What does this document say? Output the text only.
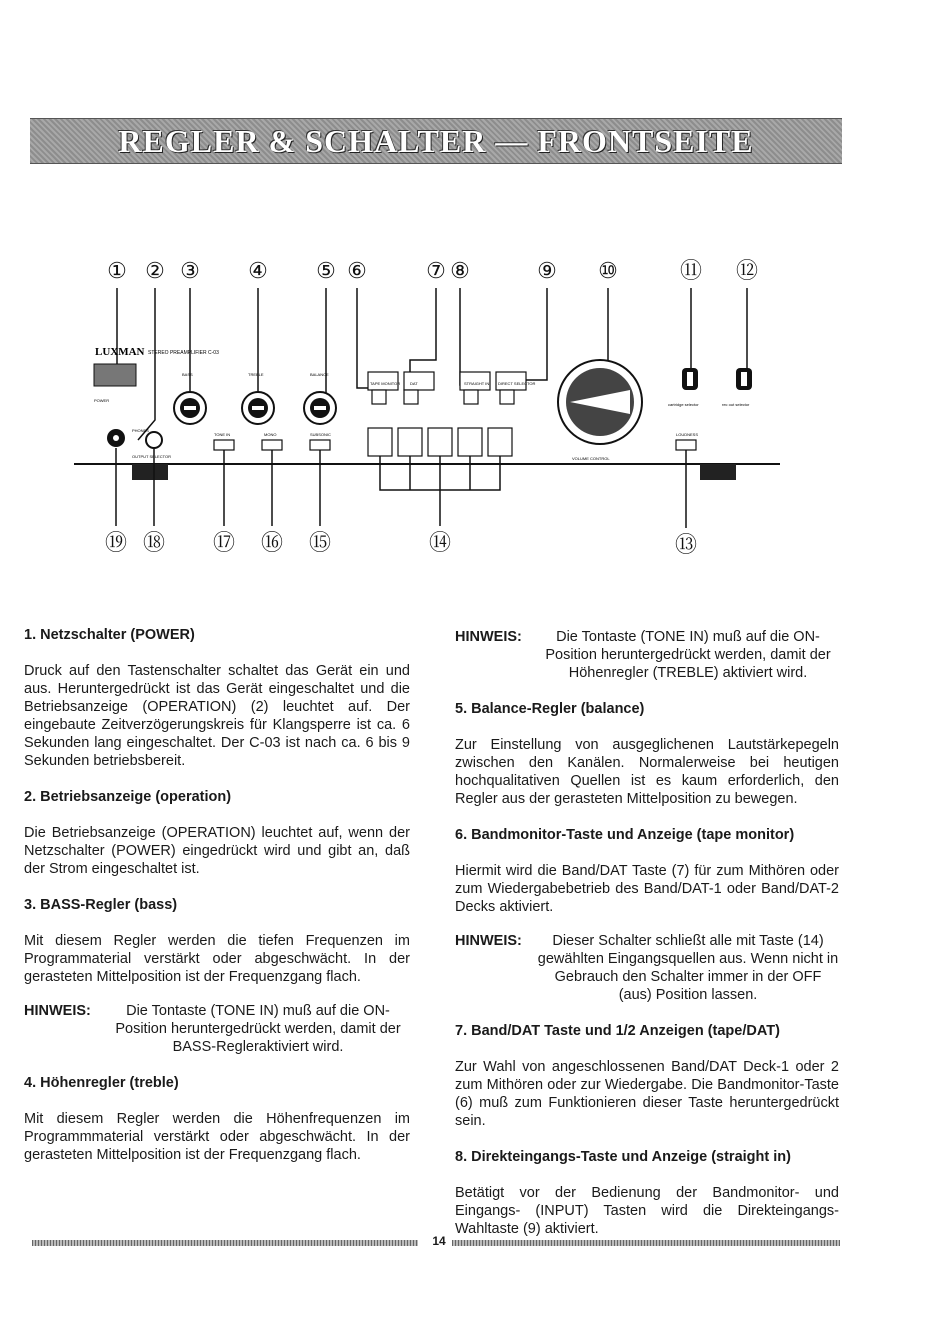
REGLER & SCHALTER — FRONTSEITE
① ② ③ ④ ⑤ ⑥	⑦ ⑧	⑨ ⑩	⑪ ⑫
LUXMAN STEREO PREAMPLIFIER C-03
POWER
BASS	TREBLE	BALANCE
TAPE MONITOR DAT	STRAIGHT IN DIRECT SELECTOR
VOLUME CONTROL
cartridge selector	rec out selector
PHONES
OUTPUT SELECTOR
TONE IN	MONO	SUBSONIC	LOUDNESS
⑲ ⑱ ⑰ ⑯ ⑮	⑭	⑬

1. Netzschalter (POWER)

Druck auf den Tastenschalter schaltet das Gerät ein und aus. Heruntergedrückt ist das Gerät eingeschaltet und die Betriebsanzeige (OPERATION) (2) leuchtet auf. Der eingebaute Zeitverzögerungskreis für Klangsperre ist ca. 6 Sekunden lang eingeschaltet. Der C-03 ist nach ca. 6 bis 9 Sekunden betriebsbereit.

2. Betriebsanzeige (operation)

Die Betriebsanzeige (OPERATION) leuchtet auf, wenn der Netzschalter (POWER) eingedrückt wird und gibt an, daß der Strom eingeschaltet ist.

3. BASS-Regler (bass)

Mit diesem Regler werden die tiefen Frequenzen im Programmaterial verstärkt oder abgeschwächt. In der gerasteten Mittelposition ist der Frequenzgang flach.

HINWEIS:	Die Tontaste (TONE IN) muß auf die ON-Position heruntergedrückt werden, damit der BASS-Regleraktiviert wird.

4. Höhenregler (treble)

Mit diesem Regler werden die Höhenfrequenzen im Programmmaterial verstärkt oder abgeschwächt. In der gerasteten Mittelposition ist der Frequenzgang flach.

HINWEIS:	Die Tontaste (TONE IN) muß auf die ON-Position heruntergedrückt werden, damit der Höhenregler (TREBLE) aktiviert wird.

5. Balance-Regler (balance)

Zur Einstellung von ausgeglichenen Lautstärkepegeln zwischen den Kanälen. Normalerweise bei heutigen hochqualitativen Quellen ist es kaum erforderlich, den Regler aus der gerasteten Mittelposition zu bewegen.

6. Bandmonitor-Taste und Anzeige (tape monitor)

Hiermit wird die Band/DAT Taste (7) für zum Mithören oder zum Wiedergabebetrieb des Band/DAT-1 oder Band/DAT-2 Decks aktiviert.

HINWEIS:	Dieser Schalter schließt alle mit Taste (14) gewählten Eingangsquellen aus. Wenn nicht in Gebrauch den Schalter immer in der OFF (aus) Position lassen.

7. Band/DAT Taste und 1/2 Anzeigen (tape/DAT)

Zur Wahl von angeschlossenen Band/DAT Deck-1 oder 2 zum Mithören oder zur Wiedergabe. Die Bandmonitor-Taste (6) muß zum Funktionieren dieser Taste heruntergedrückt sein.

8. Direkteingangs-Taste und Anzeige (straight in)

Betätigt vor der Bedienung der Bandmonitor- und Eingangs- (INPUT) Tasten wird die Direkteingangs-Wahltaste (9) aktiviert.

14
